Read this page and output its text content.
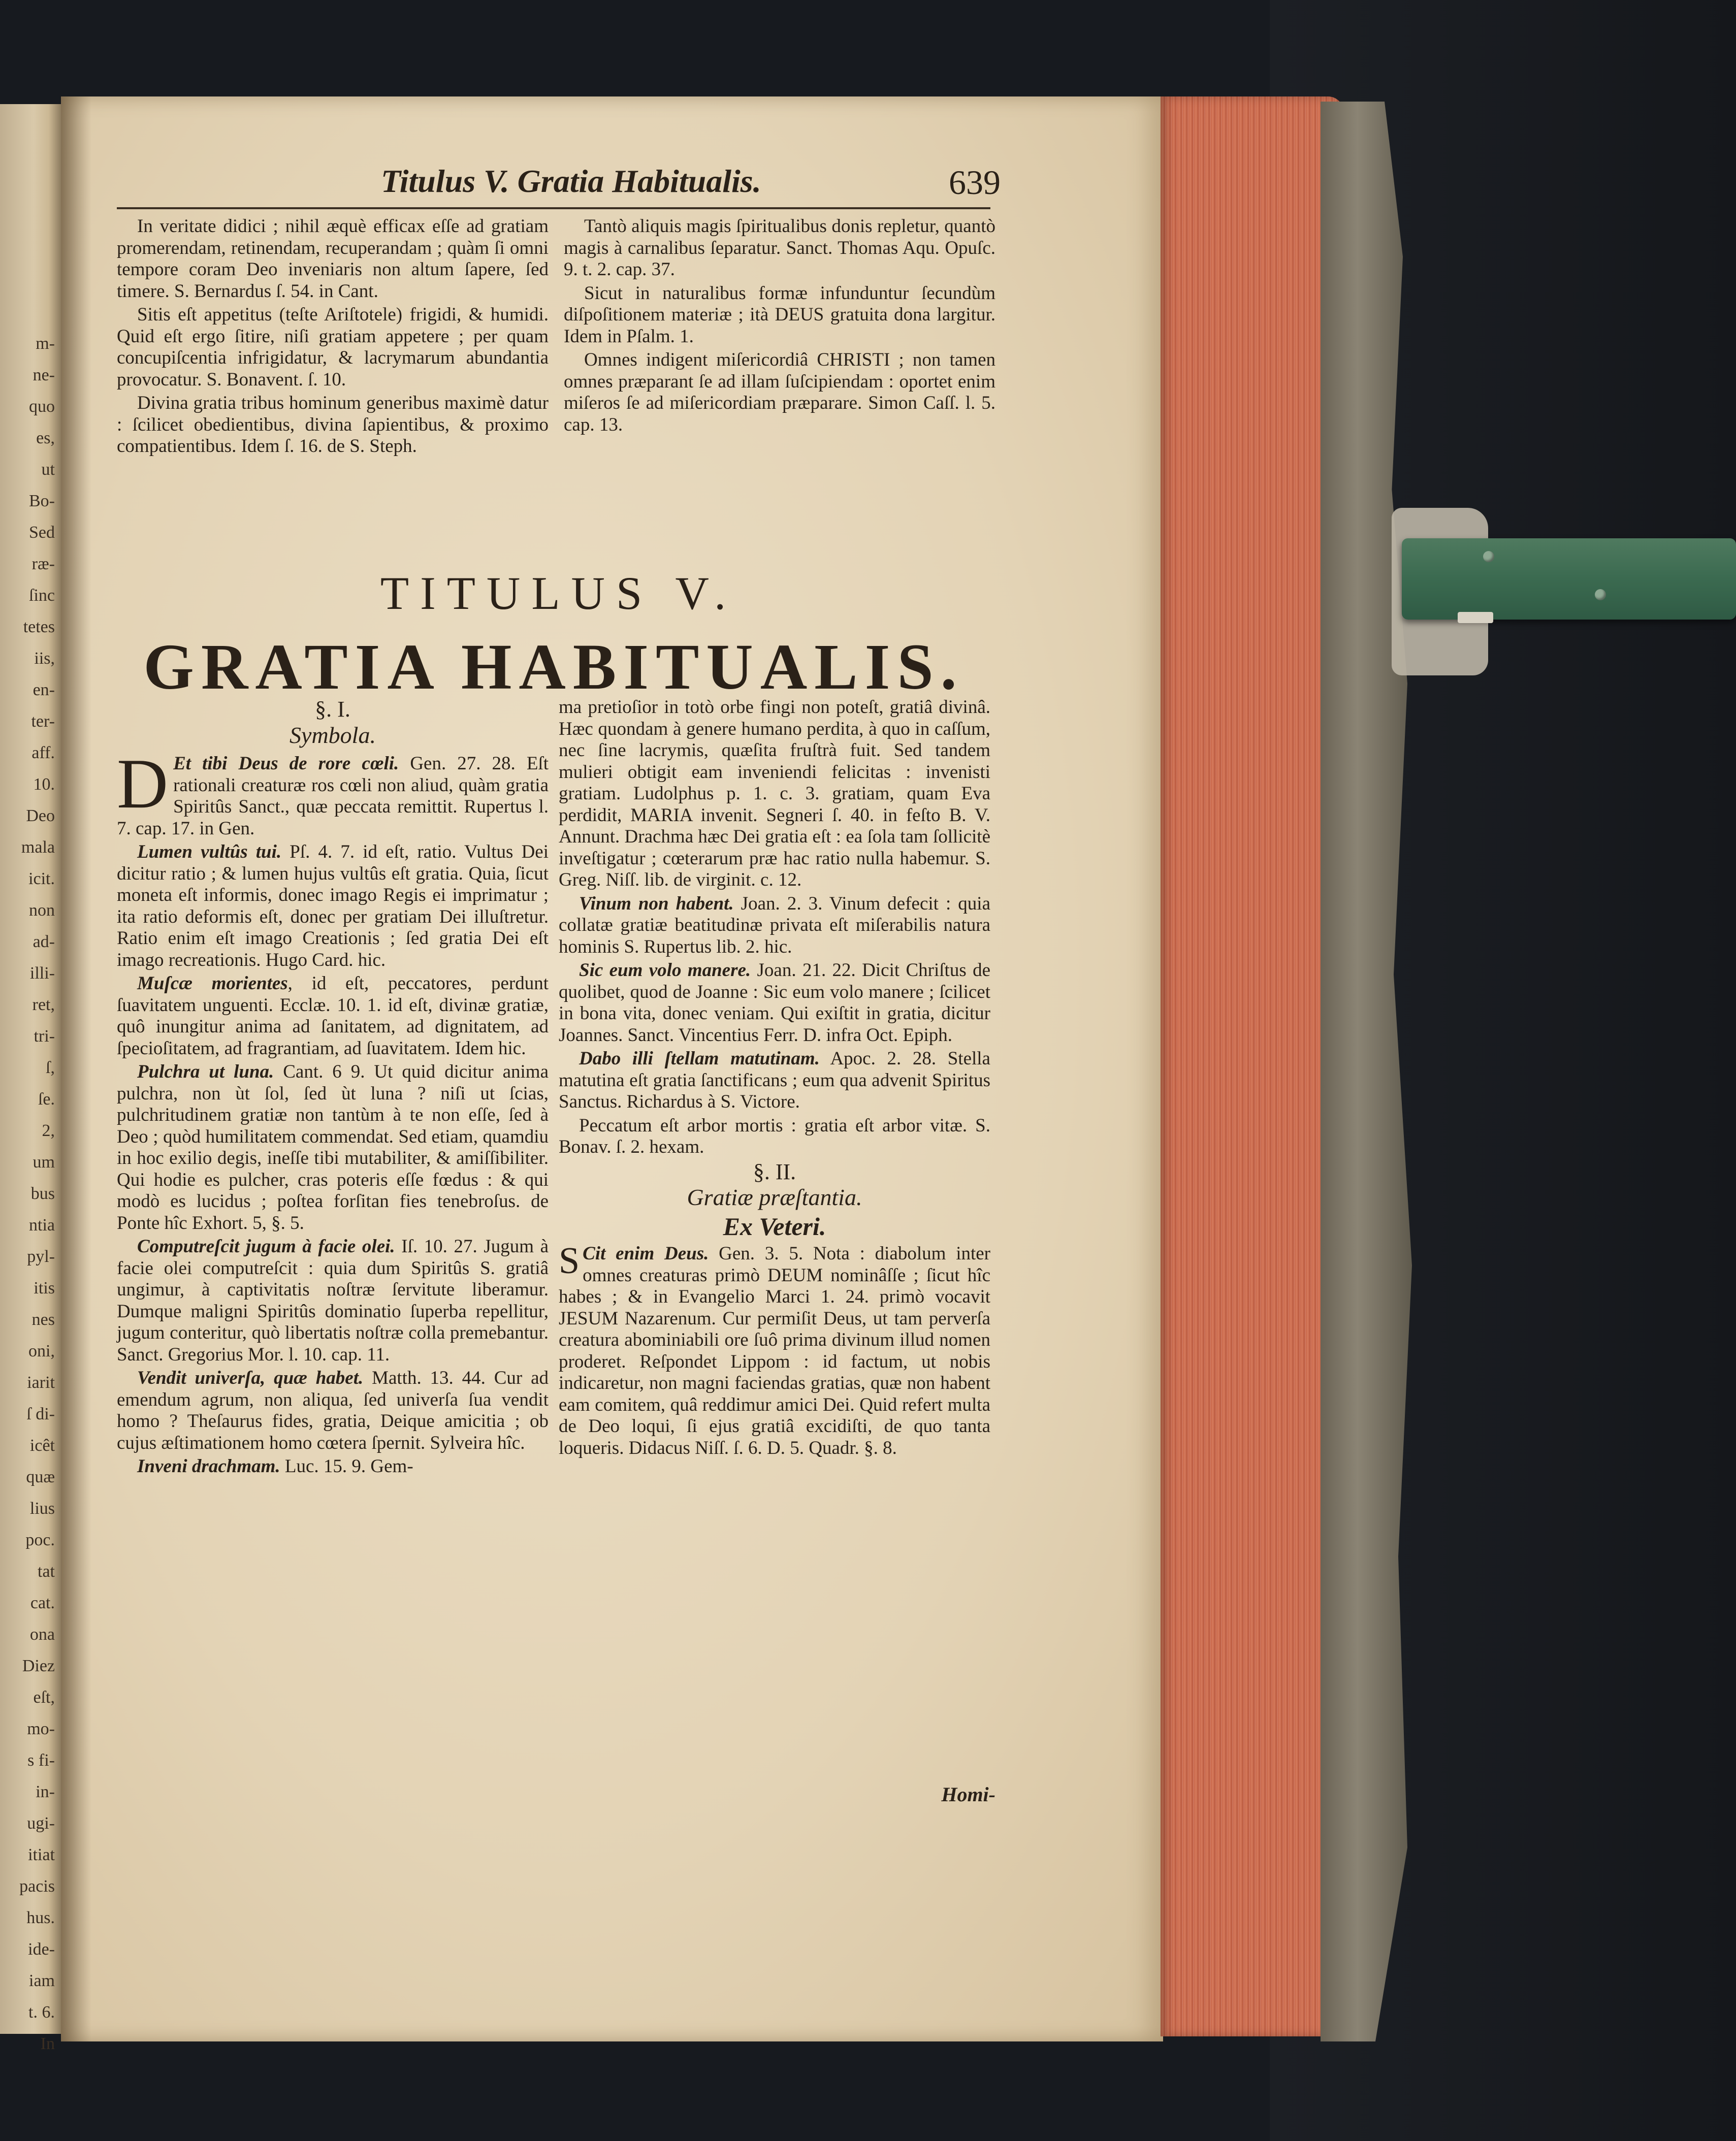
m-
ne-
quo
es,
ut
Bo-
Sed
ræ-
ſinc
tetes
iis,
en-
ter-
aff.
10.
Deo
mala
icit.
non
ad-
illi-
ret,
tri-
ſ,
ſe.
2,
um
bus
ntia
pyl-
itis
nes
oni,
iarit
ſ di-
icêt
quæ
lius
poc.
tat
cat.
ona
Diez
eſt,
mo-
s fi-
in-
ugi-
itiat
pacis
hus.
ide-
iam
t. 6.
In
Titulus V. Gratia Habitualis.	639

In veritate didici ; nihil æquè efficax eſſe ad gratiam promerendam, retinendam, recuperandam ; quàm ſi omni tempore coram Deo inveniaris non altum ſapere, ſed timere. S. Bernardus ſ. 54. in Cant.

Sitis eſt appetitus (teſte Ariſtotele) frigidi, & humidi. Quid eſt ergo ſitire, niſi gratiam appetere ; per quam concupiſcentia infrigidatur, & lacrymarum abundantia provocatur. S. Bonavent. ſ. 10.

Divina gratia tribus hominum generibus maximè datur : ſcilicet obedientibus, divina ſapientibus, & proximo compatientibus. Idem ſ. 16. de S. Steph.

Tantò aliquis magis ſpiritualibus donis repletur, quantò magis à carnalibus ſeparatur. Sanct. Thomas Aqu. Opuſc. 9. t. 2. cap. 37.

Sicut in naturalibus formæ infunduntur ſecundùm diſpoſitionem materiæ ; ità DEUS gratuita dona largitur. Idem in Pſalm. 1.

Omnes indigent miſericordiâ CHRISTI ; non tamen omnes præparant ſe ad illam ſuſcipiendam : oportet enim miſeros ſe ad miſericordiam præparare. Simon Caſſ. l. 5. cap. 13.

TITULUS V.
GRATIA HABITUALIS.
§. I.
Symbola.

D Et tibi Deus de rore cœli. Gen. 27. 28. Eſt rationali creaturæ ros cœli non aliud, quàm gratia Spiritûs Sanct., quæ peccata remittit. Rupertus l. 7. cap. 17. in Gen.

Lumen vultûs tui. Pſ. 4. 7. id eſt, ratio. Vultus Dei dicitur ratio ; & lumen hujus vultûs eſt gratia. Quia, ſicut moneta eſt informis, donec imago Regis ei imprimatur ; ita ratio deformis eſt, donec per gratiam Dei illuſtretur. Ratio enim eſt imago Creationis ; ſed gratia Dei eſt imago recreationis. Hugo Card. hic.

Muſcæ morientes, id eſt, peccatores, perdunt ſuavitatem unguenti. Ecclæ. 10. 1. id eſt, divinæ gratiæ, quô inungitur anima ad ſanitatem, ad dignitatem, ad ſpecioſitatem, ad fragrantiam, ad ſuavitatem. Idem hic.

Pulchra ut luna. Cant. 6 9. Ut quid dicitur anima pulchra, non ùt ſol, ſed ùt luna ? niſi ut ſcias, pulchritudinem gratiæ non tantùm à te non eſſe, ſed à Deo ; quòd humilitatem commendat. Sed etiam, quamdiu in hoc exilio degis, ineſſe tibi mutabiliter, & amiſſibiliter. Qui hodie es pulcher, cras poteris eſſe fœdus : & qui modò es lucidus ; poſtea forſitan fies tenebroſus. de Ponte hîc Exhort. 5, §. 5.

Computreſcit jugum à facie olei. Iſ. 10. 27. Jugum à facie olei computreſcit : quia dum Spiritûs S. gratiâ ungimur, à captivitatis noſtræ ſervitute liberamur. Dumque maligni Spiritûs dominatio ſuperba repellitur, jugum conteritur, quò libertatis noſtræ colla premebantur. Sanct. Gregorius Mor. l. 10. cap. 11.

Vendit univerſa, quæ habet. Matth. 13. 44. Cur ad emendum agrum, non aliqua, ſed univerſa ſua vendit homo ? Theſaurus fides, gratia, Deique amicitia ; ob cujus æſtimationem homo cœtera ſpernit. Sylveira hîc.

Inveni drachmam. Luc. 15. 9. Gem-

ma pretioſior in totò orbe fingi non poteſt, gratiâ divinâ. Hæc quondam à genere humano perdita, à quo in caſſum, nec ſine lacrymis, quæſita fruſtrà fuit. Sed tandem mulieri obtigit eam inveniendi felicitas : invenisti gratiam. Ludolphus p. 1. c. 3. gratiam, quam Eva perdidit, MARIA invenit. Segneri ſ. 40. in feſto B. V. Annunt. Drachma hæc Dei gratia eſt : ea ſola tam ſollicitè inveſtigatur ; cœterarum præ hac ratio nulla habemur. S. Greg. Niſſ. lib. de virginit. c. 12.

Vinum non habent. Joan. 2. 3. Vinum defecit : quia collatæ gratiæ beatitudinæ privata eſt miſerabilis natura hominis S. Rupertus lib. 2. hic.

Sic eum volo manere. Joan. 21. 22. Dicit Chriſtus de quolibet, quod de Joanne : Sic eum volo manere ; ſcilicet in bona vita, donec veniam. Qui exiſtit in gratia, dicitur Joannes. Sanct. Vincentius Ferr. D. infra Oct. Epiph.

Dabo illi ſtellam matutinam. Apoc. 2. 28. Stella matutina eſt gratia ſanctificans ; eum qua advenit Spiritus Sanctus. Richardus à S. Victore.

Peccatum eſt arbor mortis : gratia eſt arbor vitæ. S. Bonav. ſ. 2. hexam.

§. II.
Gratiæ præſtantia.
Ex Veteri.

S Cit enim Deus. Gen. 3. 5. Nota : diabolum inter omnes creaturas primò DEUM nominâſſe ; ſicut hîc habes ; & in Evangelio Marci 1. 24. primò vocavit JESUM Nazarenum. Cur permiſit Deus, ut tam perverſa creatura abominiabili ore ſuô prima divinum illud nomen proderet. Reſpondet Lippom : id factum, ut nobis indicaretur, non magni faciendas gratias, quæ non habent eam comitem, quâ reddimur amici Dei. Quid refert multa de Deo loqui, ſi ejus gratiâ excidiſti, de quo tanta loqueris. Didacus Niſſ. ſ. 6. D. 5. Quadr. §. 8.

Homi-
